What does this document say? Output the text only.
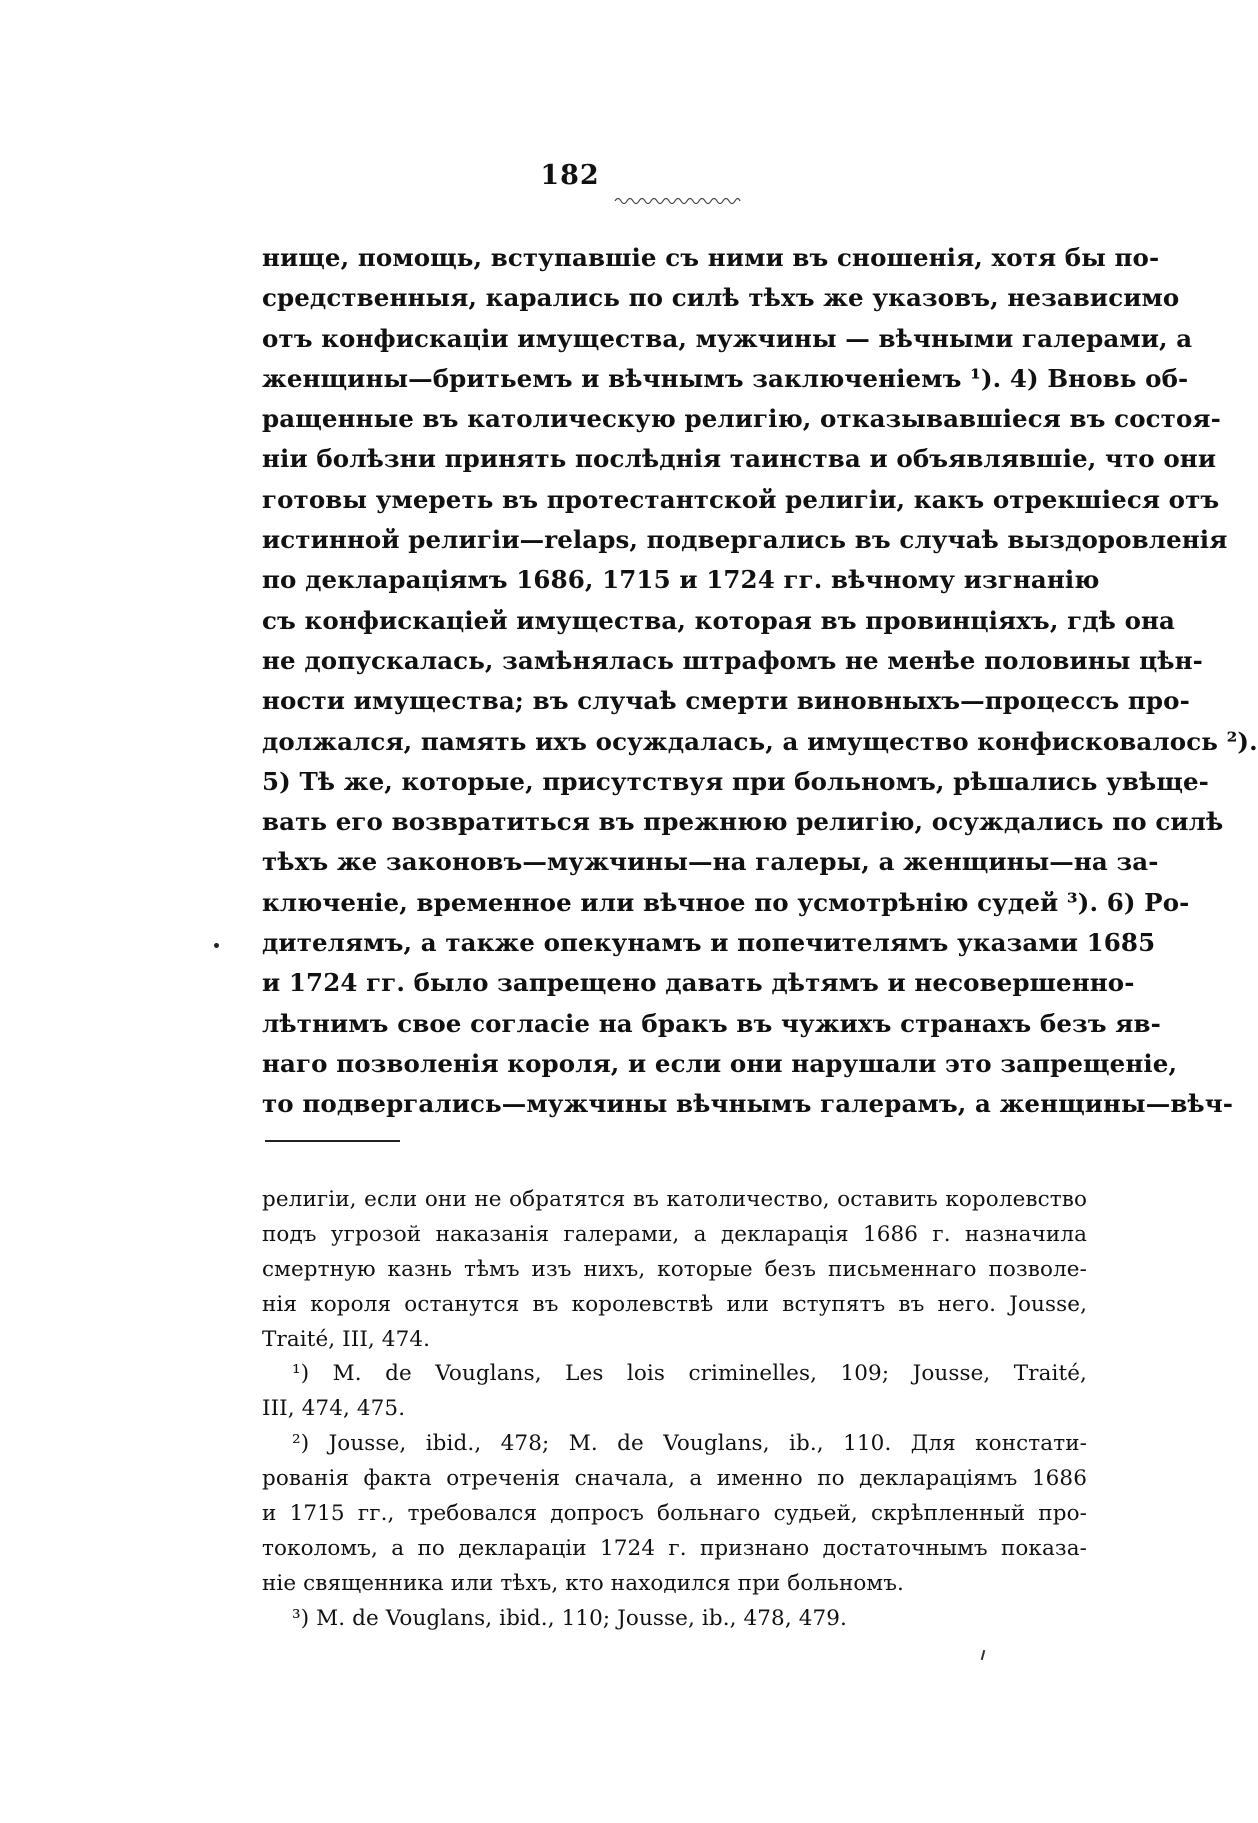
182
нище, помощь, вступавшіе съ ними въ сношенія, хотя бы по-
средственныя, карались по силѣ тѣхъ же указовъ, независимо
отъ конфискаціи имущества, мужчины — вѣчными галерами, а
женщины—бритьемъ и вѣчнымъ заключеніемъ ¹). 4) Вновь об-
ращенные въ католическую религію, отказывавшіеся въ состоя-
ніи болѣзни принять послѣднія таинства и объявлявшіе, что они
готовы умереть въ протестантской религіи, какъ отрекшіеся отъ
истинной религіи—relaps, подвергались въ случаѣ выздоровленія
по деклараціямъ 1686, 1715 и 1724 гг. вѣчному изгнанію
съ конфискаціей имущества, которая въ провинціяхъ, гдѣ она
не допускалась, замѣнялась штрафомъ не менѣе половины цѣн-
ности имущества; въ случаѣ смерти виновныхъ—процессъ про-
должался, память ихъ осуждалась, а имущество конфисковалось ²).
5) Тѣ же, которые, присутствуя при больномъ, рѣшались увѣще-
вать его возвратиться въ прежнюю религію, осуждались по силѣ
тѣхъ же законовъ—мужчины—на галеры, а женщины—на за-
ключеніе, временное или вѣчное по усмотрѣнію судей ³). 6) Ро-
дителямъ, а также опекунамъ и попечителямъ указами 1685
и 1724 гг. было запрещено давать дѣтямъ и несовершенно-
лѣтнимъ свое согласіе на бракъ въ чужихъ странахъ безъ яв-
наго позволенія короля, и если они нарушали это запрещеніе,
то подвергались—мужчины вѣчнымъ галерамъ, а женщины—вѣч-
религіи, если они не обратятся въ католичество, оставить королевство
подъ угрозой наказанія галерами, а декларація 1686 г. назначила
смертную казнь тѣмъ изъ нихъ, которые безъ письменнаго позволе-
нія короля останутся въ королевствѣ или вступятъ въ него. Jousse,
Traité, III, 474.
¹) M. de Vouglans, Les lois criminelles, 109; Jousse, Traité,
III, 474, 475.
²) Jousse, ibid., 478; M. de Vouglans, ib., 110. Для констати-
рованія факта отреченія сначала, а именно по деклараціямъ 1686
и 1715 гг., требовался допросъ больнаго судьей, скрѣпленный про-
токоломъ, а по деклараціи 1724 г. признано достаточнымъ показа-
ніе священника или тѣхъ, кто находился при больномъ.
³) M. de Vouglans, ibid., 110; Jousse, ib., 478, 479.
